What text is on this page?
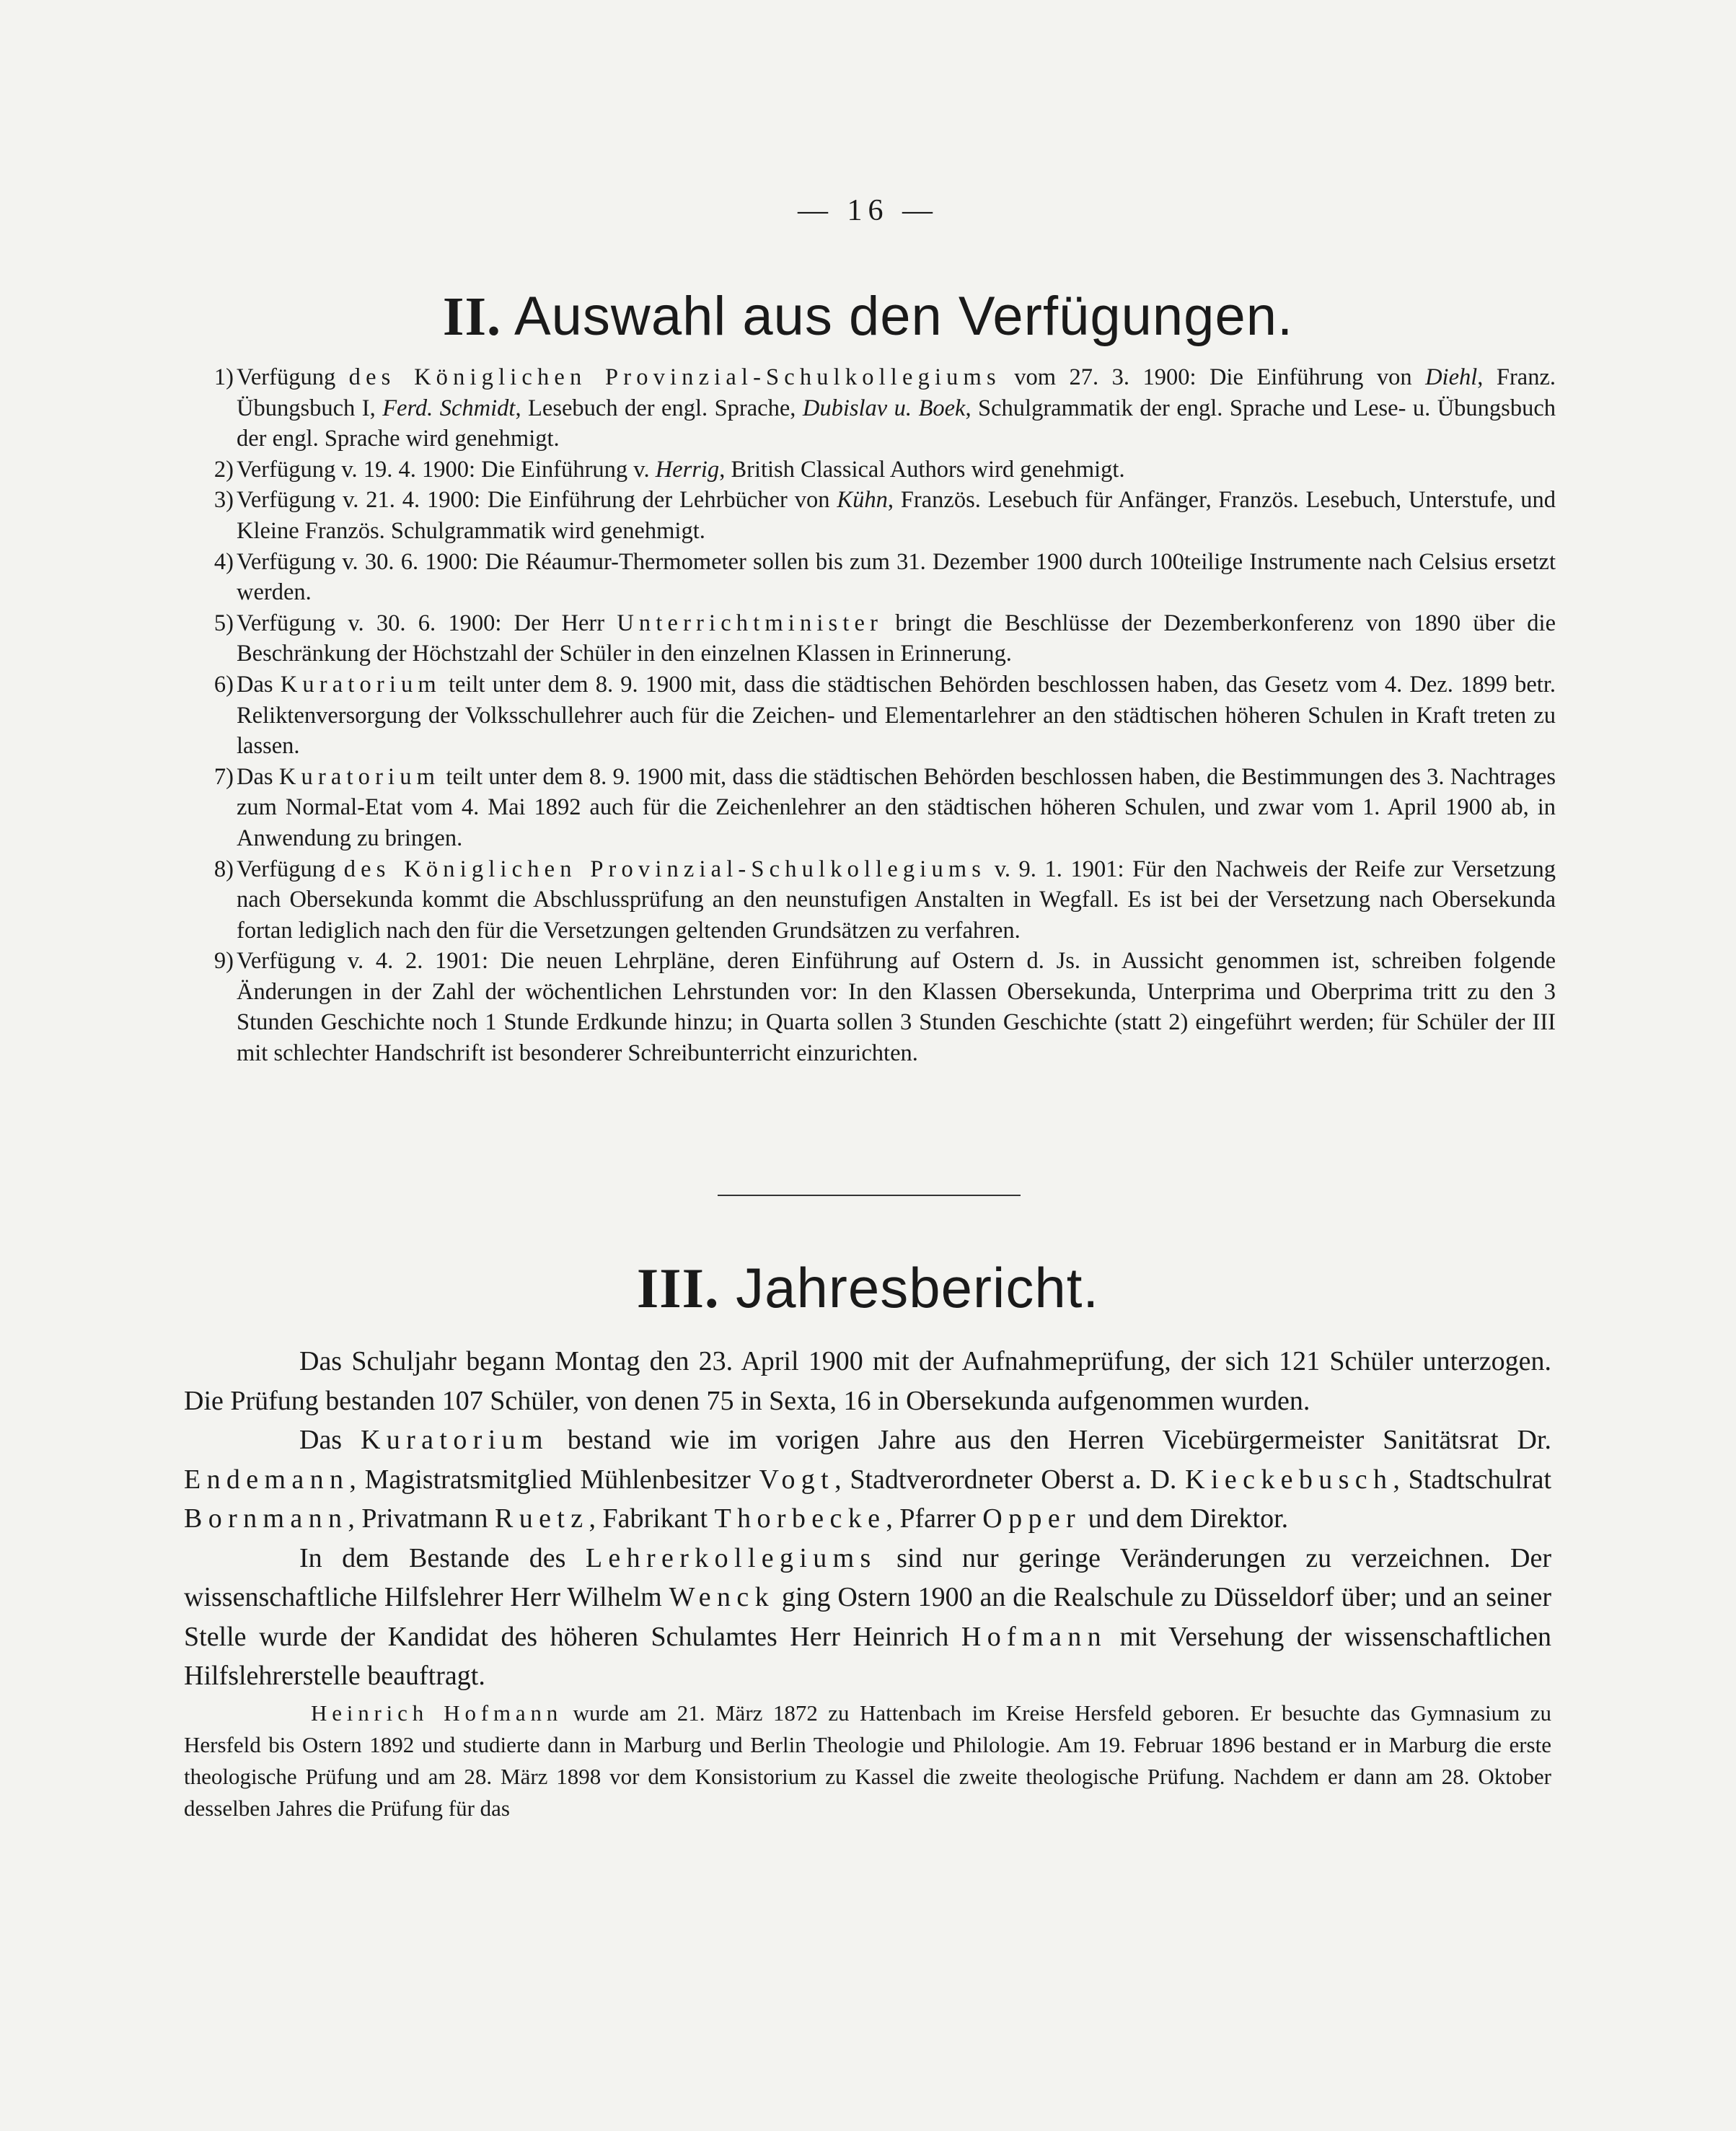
— 16 —
II. Auswahl aus den Verfügungen.
1) Verfügung des Königlichen Provinzial-Schulkollegiums vom 27. 3. 1900: Die Einführung von Diehl, Franz. Übungsbuch I, Ferd. Schmidt, Lesebuch der engl. Sprache, Dubislav u. Boek, Schulgrammatik der engl. Sprache und Lese- u. Übungsbuch der engl. Sprache wird genehmigt.
2) Verfügung v. 19. 4. 1900: Die Einführung v. Herrig, British Classical Authors wird genehmigt.
3) Verfügung v. 21. 4. 1900: Die Einführung der Lehrbücher von Kühn, Französ. Lesebuch für Anfänger, Französ. Lesebuch, Unterstufe, und Kleine Französ. Schulgrammatik wird genehmigt.
4) Verfügung v. 30. 6. 1900: Die Réaumur-Thermometer sollen bis zum 31. Dezember 1900 durch 100teilige Instrumente nach Celsius ersetzt werden.
5) Verfügung v. 30. 6. 1900: Der Herr Unterrichtminister bringt die Beschlüsse der Dezemberkonferenz von 1890 über die Beschränkung der Höchstzahl der Schüler in den einzelnen Klassen in Erinnerung.
6) Das Kuratorium teilt unter dem 8. 9. 1900 mit, dass die städtischen Behörden beschlossen haben, das Gesetz vom 4. Dez. 1899 betr. Reliktenversorgung der Volksschullehrer auch für die Zeichen- und Elementarlehrer an den städtischen höheren Schulen in Kraft treten zu lassen.
7) Das Kuratorium teilt unter dem 8. 9. 1900 mit, dass die städtischen Behörden beschlossen haben, die Bestimmungen des 3. Nachtrages zum Normal-Etat vom 4. Mai 1892 auch für die Zeichenlehrer an den städtischen höheren Schulen, und zwar vom 1. April 1900 ab, in Anwendung zu bringen.
8) Verfügung des Königlichen Provinzial-Schulkollegiums v. 9. 1. 1901: Für den Nachweis der Reife zur Versetzung nach Obersekunda kommt die Abschlussprüfung an den neunstufigen Anstalten in Wegfall. Es ist bei der Versetzung nach Obersekunda fortan lediglich nach den für die Versetzungen geltenden Grundsätzen zu verfahren.
9) Verfügung v. 4. 2. 1901: Die neuen Lehrpläne, deren Einführung auf Ostern d. Js. in Aussicht genommen ist, schreiben folgende Änderungen in der Zahl der wöchentlichen Lehrstunden vor: In den Klassen Obersekunda, Unterprima und Oberprima tritt zu den 3 Stunden Geschichte noch 1 Stunde Erdkunde hinzu; in Quarta sollen 3 Stunden Geschichte (statt 2) eingeführt werden; für Schüler der III mit schlechter Handschrift ist besonderer Schreibunterricht einzurichten.
III. Jahresbericht.
Das Schuljahr begann Montag den 23. April 1900 mit der Aufnahmeprüfung, der sich 121 Schüler unterzogen. Die Prüfung bestanden 107 Schüler, von denen 75 in Sexta, 16 in Obersekunda aufgenommen wurden.
Das Kuratorium bestand wie im vorigen Jahre aus den Herren Vicebürgermeister Sanitätsrat Dr. Endemann, Magistratsmitglied Mühlenbesitzer Vogt, Stadtverordneter Oberst a. D. Kieckebusch, Stadtschulrat Bornmann, Privatmann Ruetz, Fabrikant Thorbecke, Pfarrer Opper und dem Direktor.
In dem Bestande des Lehrerkollegiums sind nur geringe Veränderungen zu verzeichnen. Der wissenschaftliche Hilfslehrer Herr Wilhelm Wenck ging Ostern 1900 an die Realschule zu Düsseldorf über; und an seiner Stelle wurde der Kandidat des höheren Schulamtes Herr Heinrich Hofmann mit Versehung der wissenschaftlichen Hilfslehrerstelle beauftragt.
Heinrich Hofmann wurde am 21. März 1872 zu Hattenbach im Kreise Hersfeld geboren. Er besuchte das Gymnasium zu Hersfeld bis Ostern 1892 und studierte dann in Marburg und Berlin Theologie und Philologie. Am 19. Februar 1896 bestand er in Marburg die erste theologische Prüfung und am 28. März 1898 vor dem Konsistorium zu Kassel die zweite theologische Prüfung. Nachdem er dann am 28. Oktober desselben Jahres die Prüfung für das
